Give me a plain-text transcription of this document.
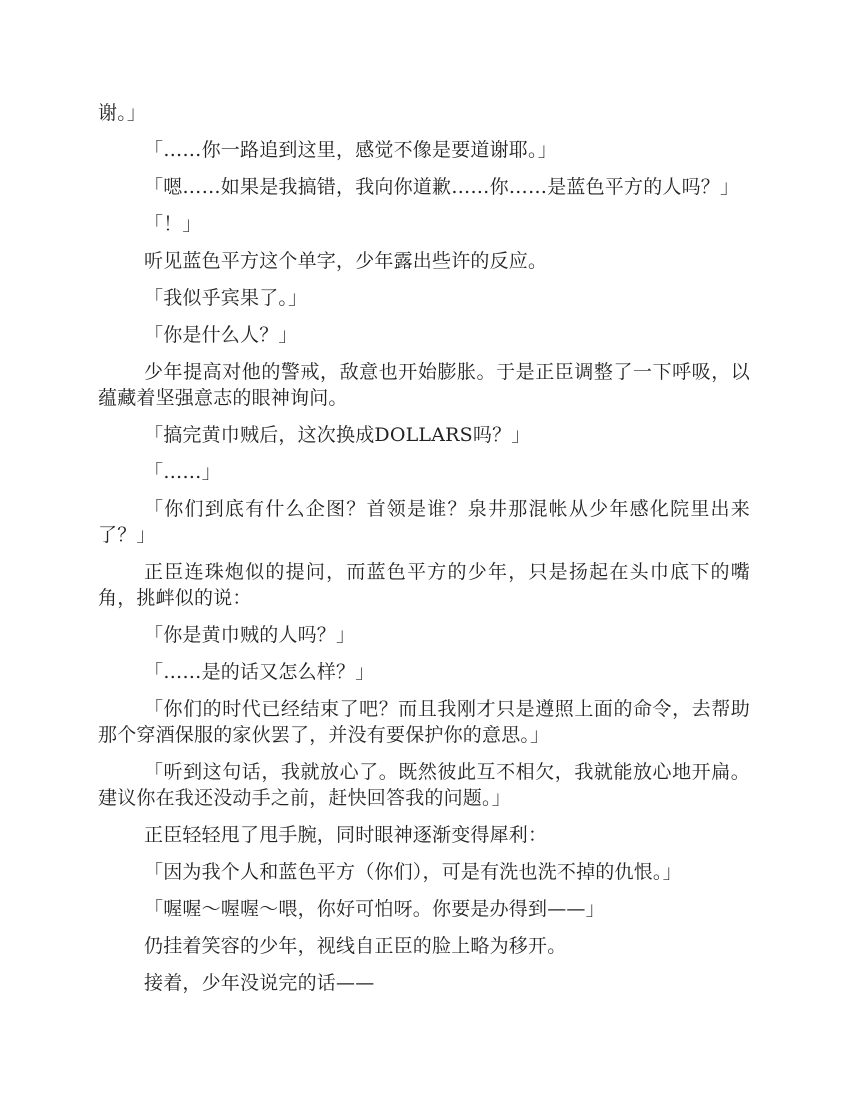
谢。」

「……你一路追到这里，感觉不像是要道谢耶。」

「嗯……如果是我搞错，我向你道歉……你……是蓝色平方的人吗？」

「！」

听见蓝色平方这个单字，少年露出些许的反应。

「我似乎宾果了。」

「你是什么人？」

少年提高对他的警戒，敌意也开始膨胀。于是正臣调整了一下呼吸，以蕴藏着坚强意志的眼神询问。

「搞完黄巾贼后，这次换成DOLLARS吗？」

「……」

「你们到底有什么企图？首领是谁？泉井那混帐从少年感化院里出来了？」

正臣连珠炮似的提问，而蓝色平方的少年，只是扬起在头巾底下的嘴角，挑衅似的说：

「你是黄巾贼的人吗？」

「……是的话又怎么样？」

「你们的时代已经结束了吧？而且我刚才只是遵照上面的命令，去帮助那个穿酒保服的家伙罢了，并没有要保护你的意思。」

「听到这句话，我就放心了。既然彼此互不相欠，我就能放心地开扁。建议你在我还没动手之前，赶快回答我的问题。」

正臣轻轻甩了甩手腕，同时眼神逐渐变得犀利：

「因为我个人和蓝色平方（你们），可是有洗也洗不掉的仇恨。」

「喔喔～喔喔～喂，你好可怕呀。你要是办得到——」

仍挂着笑容的少年，视线自正臣的脸上略为移开。

接着，少年没说完的话——
